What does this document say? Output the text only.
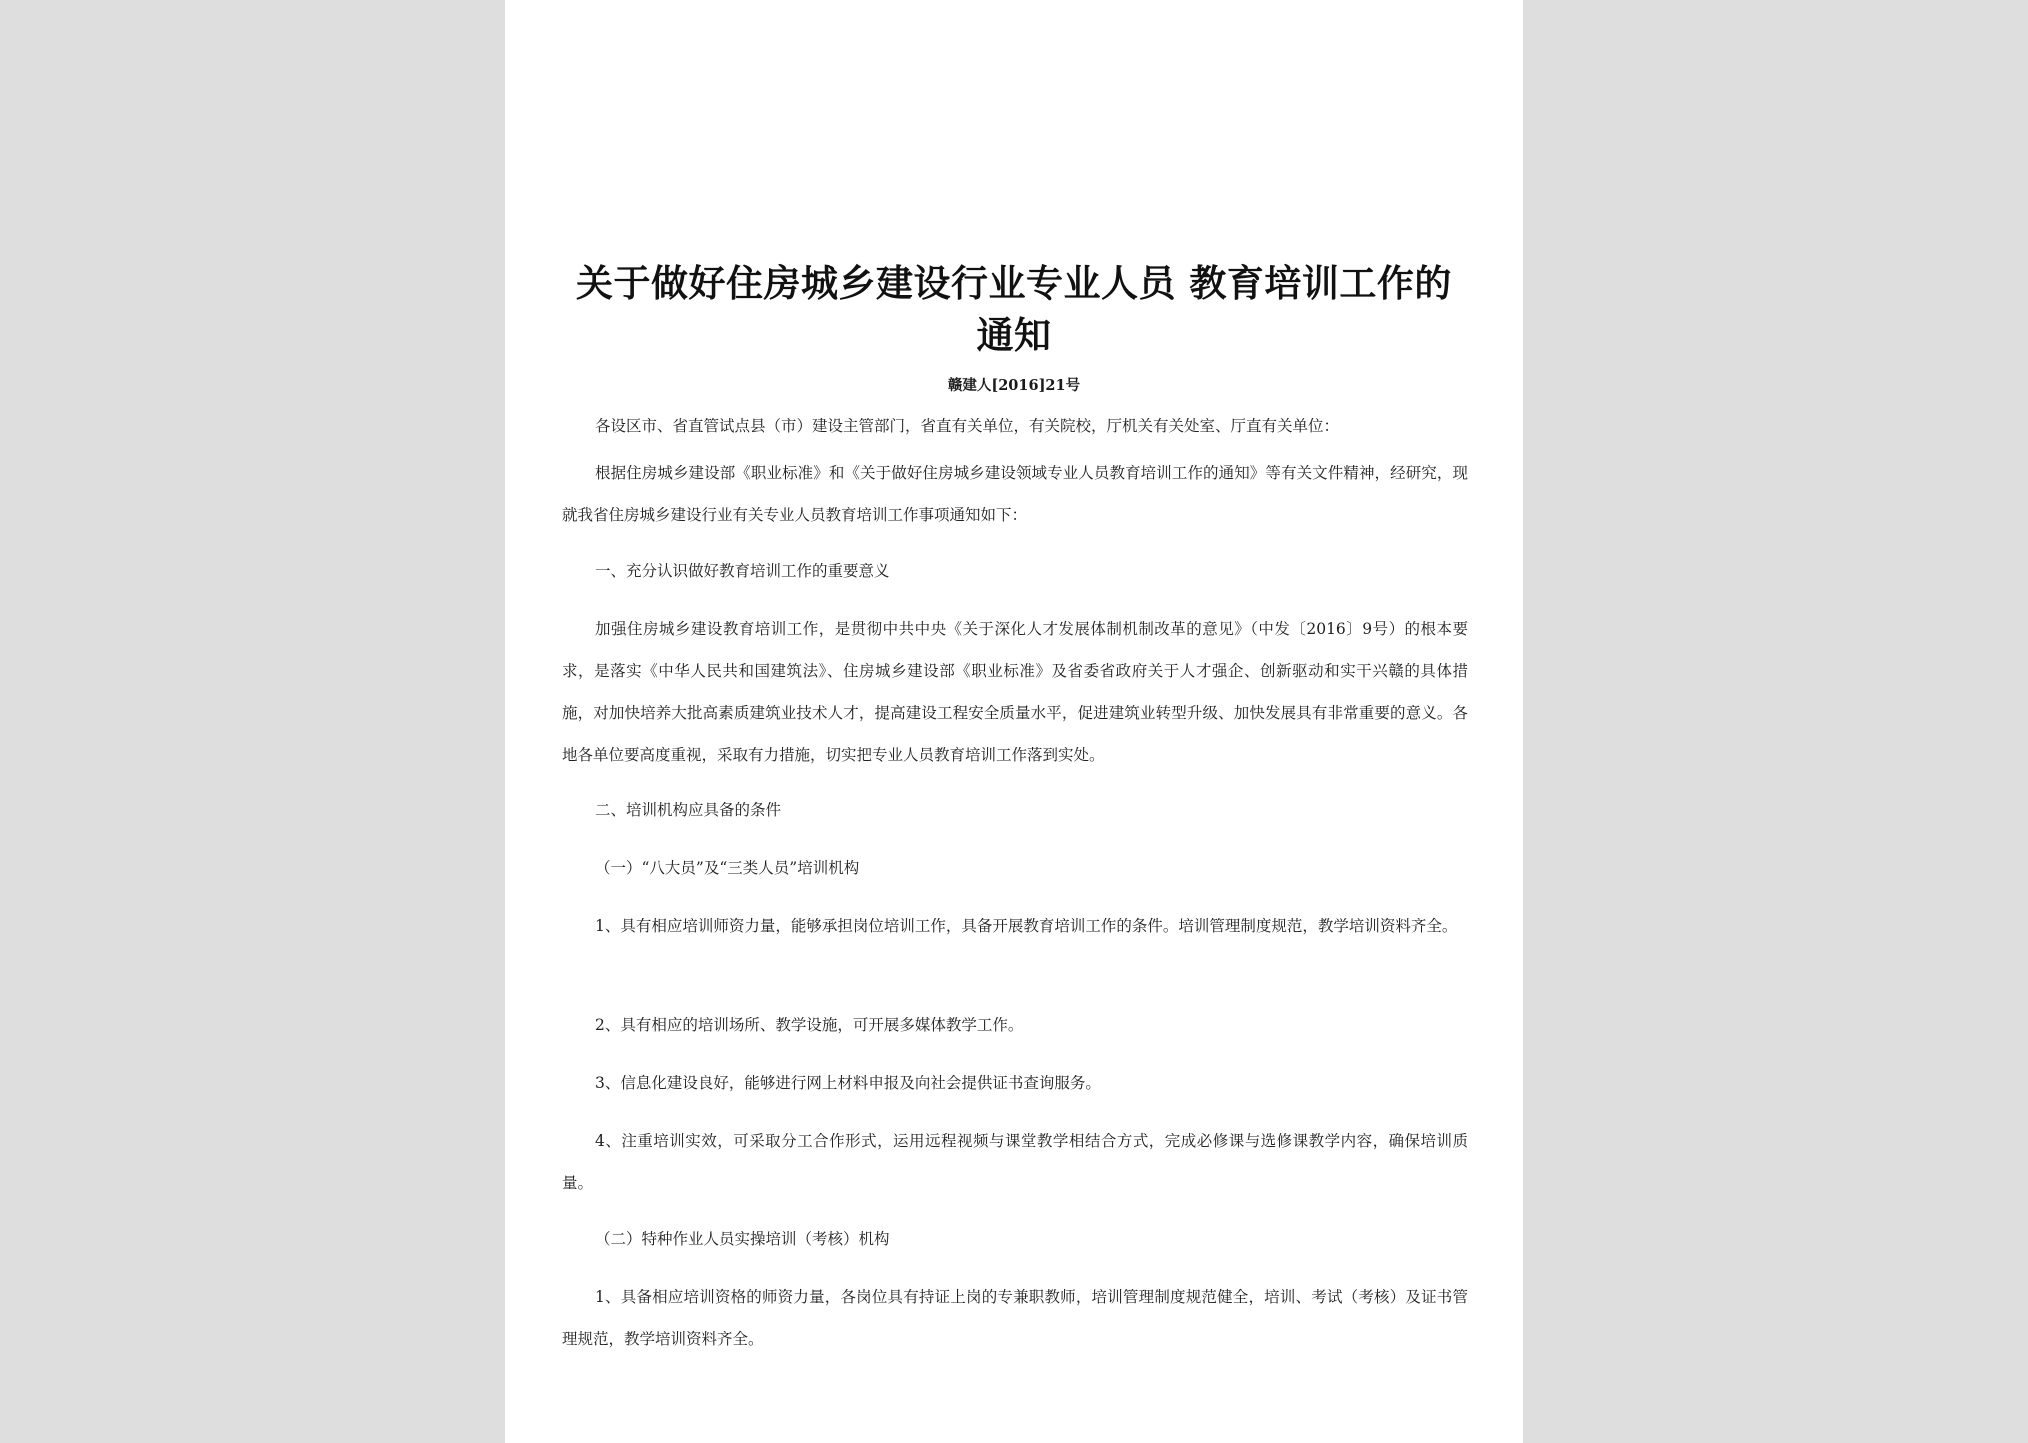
关于做好住房城乡建设行业专业人员 教育培训工作的通知
赣建人[2016]21号

各设区市、省直管试点县（市）建设主管部门，省直有关单位，有关院校，厅机关有关处室、厅直有关单位：

根据住房城乡建设部《职业标准》和《关于做好住房城乡建设领域专业人员教育培训工作的通知》等有关文件精神，经研究，现就我省住房城乡建设行业有关专业人员教育培训工作事项通知如下：

一、充分认识做好教育培训工作的重要意义

加强住房城乡建设教育培训工作，是贯彻中共中央《关于深化人才发展体制机制改革的意见》（中发〔2016〕9号）的根本要求，是落实《中华人民共和国建筑法》、住房城乡建设部《职业标准》及省委省政府关于人才强企、创新驱动和实干兴赣的具体措施，对加快培养大批高素质建筑业技术人才，提高建设工程安全质量水平，促进建筑业转型升级、加快发展具有非常重要的意义。各地各单位要高度重视，采取有力措施，切实把专业人员教育培训工作落到实处。

二、培训机构应具备的条件

（一）“八大员”及“三类人员”培训机构

1、具有相应培训师资力量，能够承担岗位培训工作，具备开展教育培训工作的条件。培训管理制度规范，教学培训资料齐全。

2、具有相应的培训场所、教学设施，可开展多媒体教学工作。

3、信息化建设良好，能够进行网上材料申报及向社会提供证书查询服务。

4、注重培训实效，可采取分工合作形式，运用远程视频与课堂教学相结合方式，完成必修课与选修课教学内容，确保培训质量。

（二）特种作业人员实操培训（考核）机构

1、具备相应培训资格的师资力量，各岗位具有持证上岗的专兼职教师，培训管理制度规范健全，培训、考试（考核）及证书管理规范，教学培训资料齐全。
